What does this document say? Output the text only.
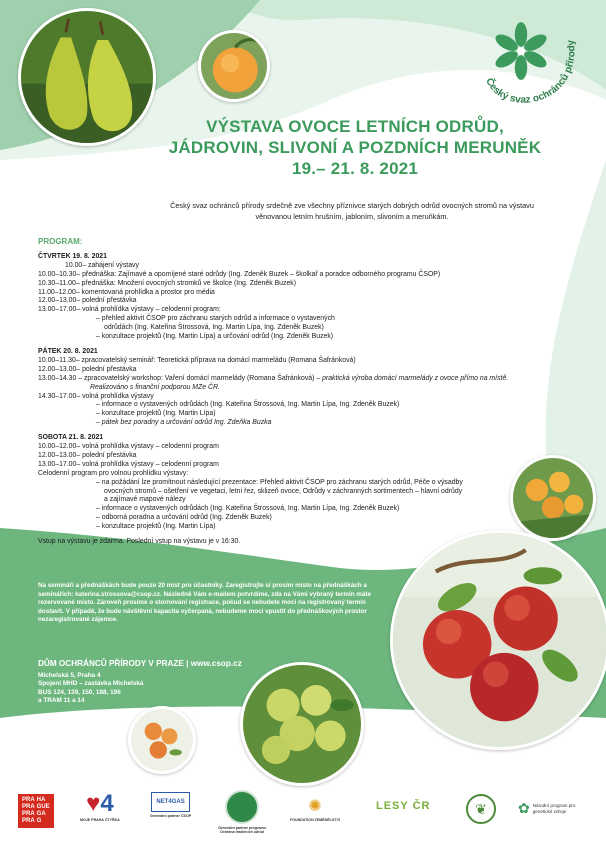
Český svaz ochránců přírody
VÝSTAVA OVOCE LETNÍCH ODRŮD,
JÁDROVIN, SLIVONÍ A POZDNÍCH MERUNĚK
19.– 21. 8. 2021
Český svaz ochránců přírody srdečně zve všechny příznivce starých dobrých odrůd ovocných stromů na výstavu věnovanou letním hrušním, jabloním, slivoním a meruňkám.
PROGRAM:
ČTVRTEK 19. 8. 2021
10.00 – zahájení výstavy
10.00–10.30 – přednáška: Zajímavé a opomíjené staré odrůdy (Ing. Zdeněk Buzek – školkař a poradce odborného programu ČSOP)
10.30–11.00 – přednáška: Množení ovocných stromků ve školce (Ing. Zdeněk Buzek)
11.00–12.00 – komentovaná prohlídka a prostor pro média
12.00–13.00 – polední přestávka
13.00–17.00 – volná prohlídka výstavy – celodenní program:
– přehled aktivit ČSOP pro záchranu starých odrůd a informace o vystavených
odrůdách (Ing. Kateřina Štrossová, Ing. Martin Lípa, Ing. Zdeněk Buzek)
– konzultace projektů (Ing. Martin Lípa) a určování odrůd (Ing. Zdeněk Buzek)
PÁTEK 20. 8. 2021
10.00–11.30 – zpracovatelský seminář: Teoretická příprava na domácí marmeládu (Romana Šafránková)
12.00–13.00 – polední přestávka
13.00–14.30 – zpracovatelský workshop: Vaření domácí marmelády (Romana Šafránková) – praktická výroba domácí marmelády z ovoce přímo na místě.
Realizováno s finanční podporou MZe ČR.
14.30–17.00 – volná prohlídka výstavy
– informace o vystavených odrůdách (Ing. Kateřina Štrossová, Ing. Martin Lípa, Ing. Zdeněk Buzek)
– konzultace projektů (Ing. Martin Lípa)
– pátek bez poradny a určování odrůd Ing. Zdeňka Buzka
SOBOTA 21. 8. 2021
10.00–12.00 – volná prohlídka výstavy – celodenní program
12.00–13.00 – polední přestávka
13.00–17.00 – volná prohlídka výstavy – celodenní program
Celodenní program pro volnou prohlídku výstavy:
– na požádání lze promítnout následující prezentace: Přehled aktivit ČSOP pro záchranu starých odrůd, Péče o výsadby
ovocných stromů – ošetření ve vegetaci, letní řez, sklizeň ovoce, Odrůdy v záchranných sortimentech – hlavní odrůdy
a zajímavé mapové nálezy
– informace o vystavených odrůdách (Ing. Kateřina Štrossová, Ing. Martin Lípa, Ing. Zdeněk Buzek)
– odborná poradna a určování odrůd (Ing. Zdeněk Buzek)
– konzultace projektů (Ing. Martin Lípa)
Vstup na výstavu je zdarma. Poslední vstup na výstavu je v 16:30.
Na semináři a přednáškách bude pouze 20 míst pro účastníky. Zaregistrujte si prosím místo na přednáškách a seminářích: katerina.strossova@csop.cz. Následně Vám e-mailem potvrdíme, zda na Vámi vybraný termín máte rezervované místo. Zároveň prosíme o stornování registrace, pokud se nebudete moci na registrovaný termín dostavit. V případě, že bude návštěvní kapacita vyčerpaná, nebudeme moci vpustit do přednáškových prostor nezaregistrované zájemce.
DŮM OCHRÁNCŮ PŘÍRODY V PRAZE | www.csop.cz
Michelská 5, Praha 4
Spojení MHD – zastávka Michelská
BUS 124, 139, 150, 188, 196
a TRAM 11 a 14
PODPORUJÍ NÁS:
PRA HA
PRA GUE
PRA GA
PRA G
♥4
MOJE PRAHA ČTYŘKA
NET4GAS
Generální partner ČSOP
Generální partner programu Ochrana tradičních odrůd
✺
FOUNDATION ZEMĚDĚLSTVÍ
LESY ČR	❦	✿ Národní program pro genetické zdroje
